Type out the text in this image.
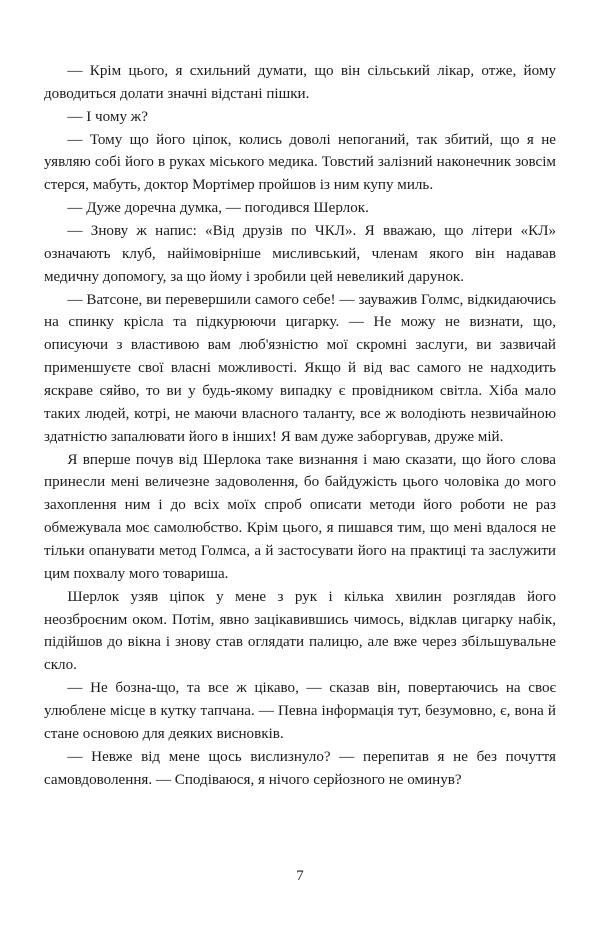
— Крім цього, я схильний думати, що він сільський лікар, отже, йому доводиться долати значні відстані пішки.

— І чому ж?

— Тому що його ціпок, колись доволі непоганий, так збитий, що я не уявляю собі його в руках міського медика. Товстий залізний наконечник зовсім стерся, мабуть, доктор Мортімер пройшов із ним купу миль.

— Дуже доречна думка, — погодився Шерлок.

— Знову ж напис: «Від друзів по ЧКЛ». Я вважаю, що літери «КЛ» означають клуб, найімовірніше мисливський, членам якого він надавав медичну допомогу, за що йому і зробили цей невеликий дарунок.

— Ватсоне, ви перевершили самого себе! — зауважив Голмс, відкидаючись на спинку крісла та підкурюючи цигарку. — Не можу не визнати, що, описуючи з властивою вам люб'язністю мої скромні заслуги, ви зазвичай применшуєте свої власні можливості. Якщо й від вас самого не надходить яскраве сяйво, то ви у будь-якому випадку є провідником світла. Хіба мало таких людей, котрі, не маючи власного таланту, все ж володіють незвичайною здатністю запалювати його в інших! Я вам дуже заборгував, друже мій.

Я вперше почув від Шерлока таке визнання і маю сказати, що його слова принесли мені величезне задоволення, бо байдужість цього чоловіка до мого захоплення ним і до всіх моїх спроб описати методи його роботи не раз обмежувала моє самолюбство. Крім цього, я пишався тим, що мені вдалося не тільки опанувати метод Голмса, а й застосувати його на практиці та заслужити цим похвалу мого товариша.

Шерлок узяв ціпок у мене з рук і кілька хвилин розглядав його неозброєним оком. Потім, явно зацікавившись чимось, відклав цигарку набік, підійшов до вікна і знову став оглядати палицю, але вже через збільшувальне скло.

— Не бозна-що, та все ж цікаво, — сказав він, повертаючись на своє улюблене місце в кутку тапчана. — Певна інформація тут, безумовно, є, вона й стане основою для деяких висновків.

— Невже від мене щось вислизнуло? — перепитав я не без почуття самовдоволення. — Сподіваюся, я нічого серйозного не оминув?

7
